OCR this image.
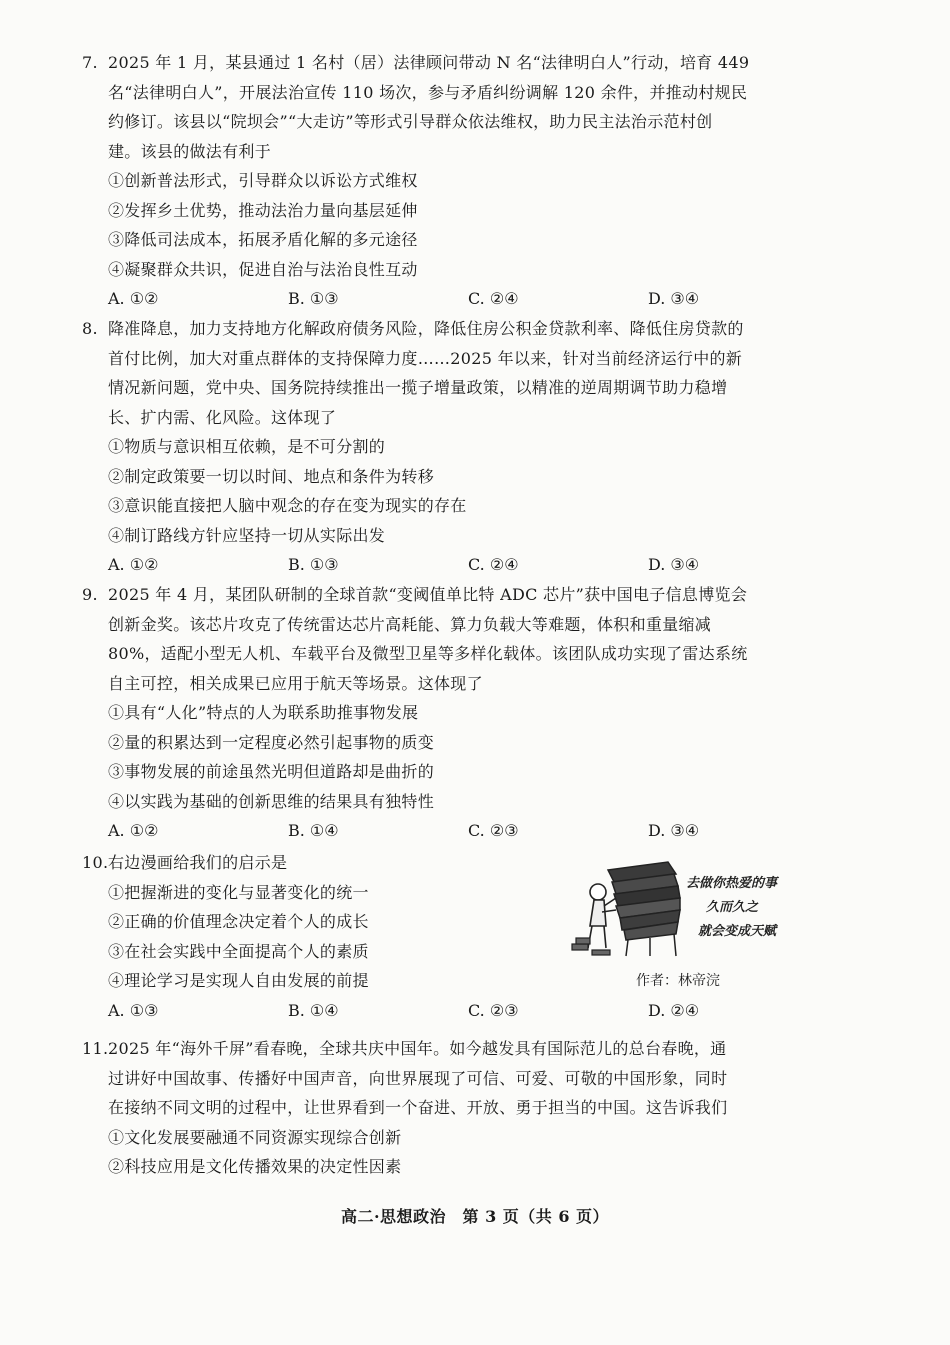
7. 2025 年 1 月，某县通过 1 名村（居）法律顾问带动 N 名“法律明白人”行动，培育 449
名“法律明白人”，开展法治宣传 110 场次，参与矛盾纠纷调解 120 余件，并推动村规民
约修订。该县以“院坝会”“大走访”等形式引导群众依法维权，助力民主法治示范村创
建。该县的做法有利于
①创新普法形式，引导群众以诉讼方式维权
②发挥乡土优势，推动法治力量向基层延伸
③降低司法成本，拓展矛盾化解的多元途径
④凝聚群众共识，促进自治与法治良性互动
A. ①②	B. ①③	C. ②④	D. ③④
8. 降准降息，加力支持地方化解政府债务风险，降低住房公积金贷款利率、降低住房贷款的
首付比例，加大对重点群体的支持保障力度……2025 年以来，针对当前经济运行中的新
情况新问题，党中央、国务院持续推出一揽子增量政策，以精准的逆周期调节助力稳增
长、扩内需、化风险。这体现了
①物质与意识相互依赖，是不可分割的
②制定政策要一切以时间、地点和条件为转移
③意识能直接把人脑中观念的存在变为现实的存在
④制订路线方针应坚持一切从实际出发
A. ①②	B. ①③	C. ②④	D. ③④
9. 2025 年 4 月，某团队研制的全球首款“变阈值单比特 ADC 芯片”获中国电子信息博览会
创新金奖。该芯片攻克了传统雷达芯片高耗能、算力负载大等难题，体积和重量缩减
80%，适配小型无人机、车载平台及微型卫星等多样化载体。该团队成功实现了雷达系统
自主可控，相关成果已应用于航天等场景。这体现了
①具有“人化”特点的人为联系助推事物发展
②量的积累达到一定程度必然引起事物的质变
③事物发展的前途虽然光明但道路却是曲折的
④以实践为基础的创新思维的结果具有独特性
A. ①②	B. ①④	C. ②③	D. ③④
10.右边漫画给我们的启示是
①把握渐进的变化与显著变化的统一
②正确的价值理念决定着个人的成长
③在社会实践中全面提高个人的素质
④理论学习是实现人自由发展的前提
A. ①③	B. ①④	C. ②③	D. ②④
去做你热爱的事
久而久之
就会变成天赋
作者：林帝浣
11.2025 年“海外千屏”看春晚，全球共庆中国年。如今越发具有国际范儿的总台春晚，通
过讲好中国故事、传播好中国声音，向世界展现了可信、可爱、可敬的中国形象，同时
在接纳不同文明的过程中，让世界看到一个奋进、开放、勇于担当的中国。这告诉我们
①文化发展要融通不同资源实现综合创新
②科技应用是文化传播效果的决定性因素
高二·思想政治　第 3 页（共 6 页）
